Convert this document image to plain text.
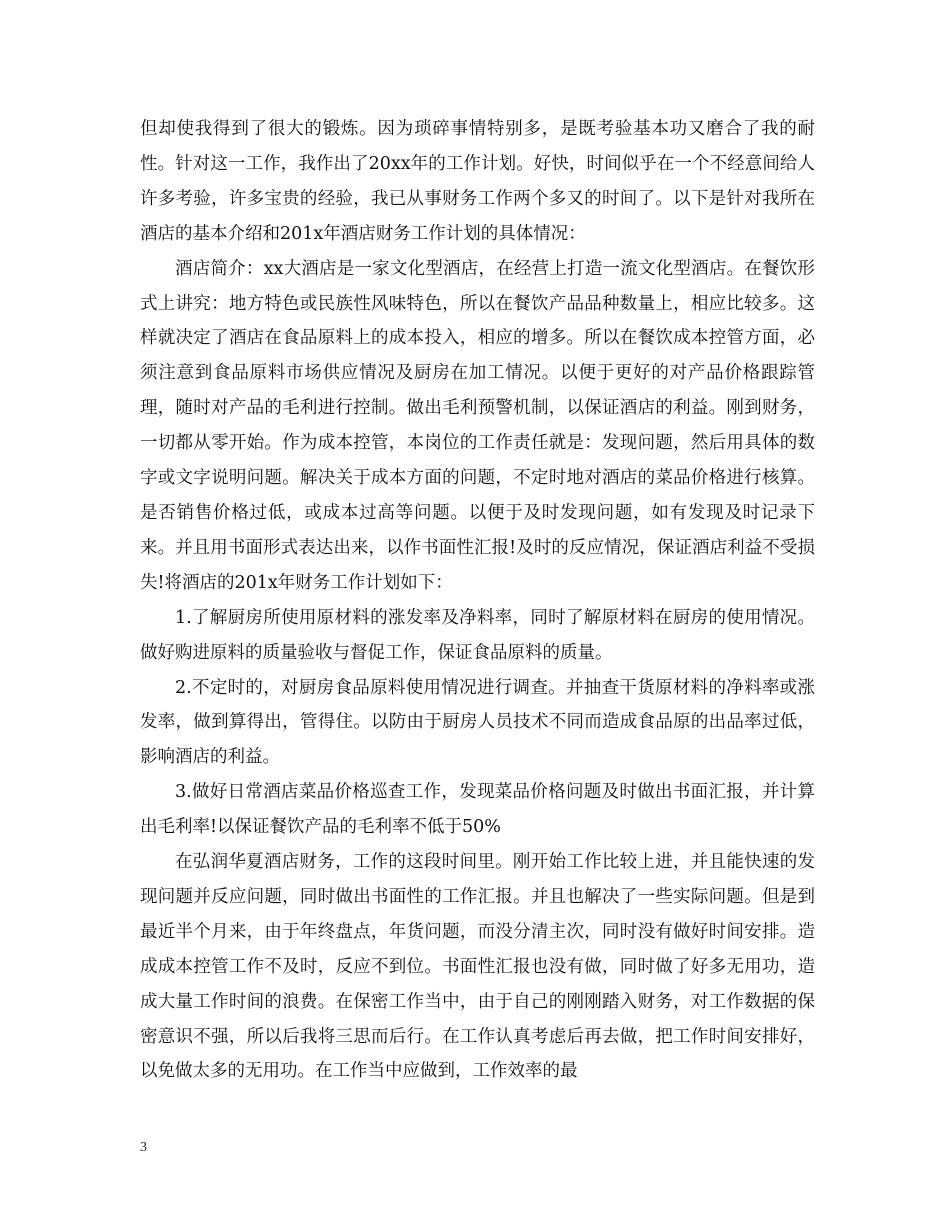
但却使我得到了很大的锻炼。因为琐碎事情特别多，是既考验基本功又磨合了我的耐性。针对这一工作，我作出了20xx年的工作计划。好快，时间似乎在一个不经意间给人许多考验，许多宝贵的经验，我已从事财务工作两个多又的时间了。以下是针对我所在酒店的基本介绍和201x年酒店财务工作计划的具体情况：

酒店简介：xx大酒店是一家文化型酒店，在经营上打造一流文化型酒店。在餐饮形式上讲究：地方特色或民族性风味特色，所以在餐饮产品品种数量上，相应比较多。这样就决定了酒店在食品原料上的成本投入，相应的增多。所以在餐饮成本控管方面，必须注意到食品原料市场供应情况及厨房在加工情况。以便于更好的对产品价格跟踪管理，随时对产品的毛利进行控制。做出毛利预警机制，以保证酒店的利益。刚到财务，一切都从零开始。作为成本控管，本岗位的工作责任就是：发现问题，然后用具体的数字或文字说明问题。解决关于成本方面的问题，不定时地对酒店的菜品价格进行核算。是否销售价格过低，或成本过高等问题。以便于及时发现问题，如有发现及时记录下来。并且用书面形式表达出来，以作书面性汇报!及时的反应情况，保证酒店利益不受损失!将酒店的201x年财务工作计划如下：

1.了解厨房所使用原材料的涨发率及净料率，同时了解原材料在厨房的使用情况。做好购进原料的质量验收与督促工作，保证食品原料的质量。

2.不定时的，对厨房食品原料使用情况进行调查。并抽查干货原材料的净料率或涨发率，做到算得出，管得住。以防由于厨房人员技术不同而造成食品原的出品率过低，影响酒店的利益。

3.做好日常酒店菜品价格巡查工作，发现菜品价格问题及时做出书面汇报，并计算出毛利率!以保证餐饮产品的毛利率不低于50%

在弘润华夏酒店财务，工作的这段时间里。刚开始工作比较上进，并且能快速的发现问题并反应问题，同时做出书面性的工作汇报。并且也解决了一些实际问题。但是到最近半个月来，由于年终盘点，年货问题，而没分清主次，同时没有做好时间安排。造成成本控管工作不及时，反应不到位。书面性汇报也没有做，同时做了好多无用功，造成大量工作时间的浪费。在保密工作当中，由于自己的刚刚踏入财务，对工作数据的保密意识不强，所以后我将三思而后行。在工作认真考虑后再去做，把工作时间安排好，以免做太多的无用功。在工作当中应做到，工作效率的最

3
